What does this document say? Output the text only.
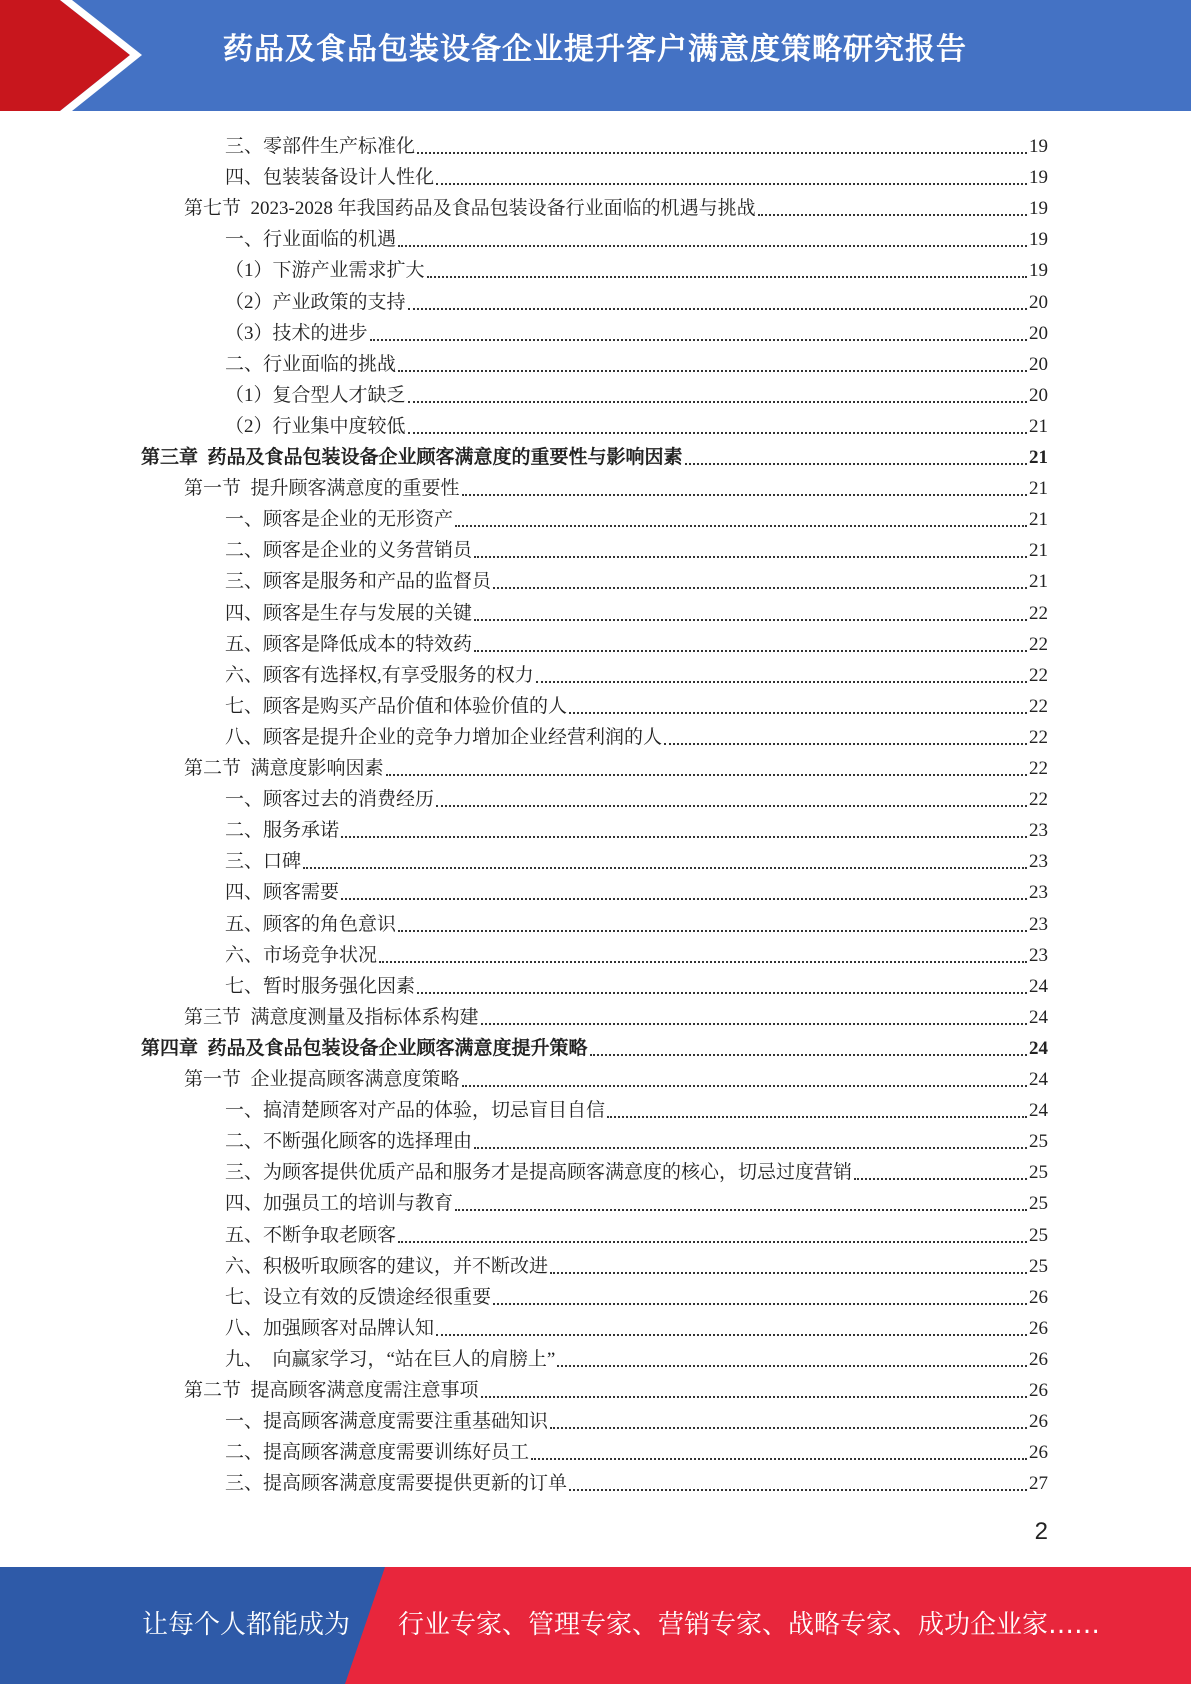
药品及食品包装设备企业提升客户满意度策略研究报告
三、零部件生产标准化	19
四、包装装备设计人性化	19
第七节  2023-2028 年我国药品及食品包装设备行业面临的机遇与挑战	19
一、行业面临的机遇	19
（1）下游产业需求扩大	19
（2）产业政策的支持	20
（3）技术的进步	20
二、行业面临的挑战	20
（1）复合型人才缺乏	20
（2）行业集中度较低	21
第三章  药品及食品包装设备企业顾客满意度的重要性与影响因素	21
第一节  提升顾客满意度的重要性	21
一、顾客是企业的无形资产	21
二、顾客是企业的义务营销员	21
三、顾客是服务和产品的监督员	21
四、顾客是生存与发展的关键	22
五、顾客是降低成本的特效药	22
六、顾客有选择权,有享受服务的权力	22
七、顾客是购买产品价值和体验价值的人	22
八、顾客是提升企业的竞争力增加企业经营利润的人	22
第二节  满意度影响因素	22
一、顾客过去的消费经历	22
二、服务承诺	23
三、口碑	23
四、顾客需要	23
五、顾客的角色意识	23
六、市场竞争状况	23
七、暂时服务强化因素	24
第三节  满意度测量及指标体系构建	24
第四章  药品及食品包装设备企业顾客满意度提升策略	24
第一节  企业提高顾客满意度策略	24
一、搞清楚顾客对产品的体验，切忌盲目自信	24
二、不断强化顾客的选择理由	25
三、为顾客提供优质产品和服务才是提高顾客满意度的核心，切忌过度营销	25
四、加强员工的培训与教育	25
五、不断争取老顾客	25
六、积极听取顾客的建议，并不断改进	25
七、设立有效的反馈途经很重要	26
八、加强顾客对品牌认知	26
九、  向赢家学习，“站在巨人的肩膀上”	26
第二节  提高顾客满意度需注意事项	26
一、提高顾客满意度需要注重基础知识	26
二、提高顾客满意度需要训练好员工	26
三、提高顾客满意度需要提供更新的订单	27
2
让每个人都能成为 行业专家、管理专家、营销专家、战略专家、成功企业家……
